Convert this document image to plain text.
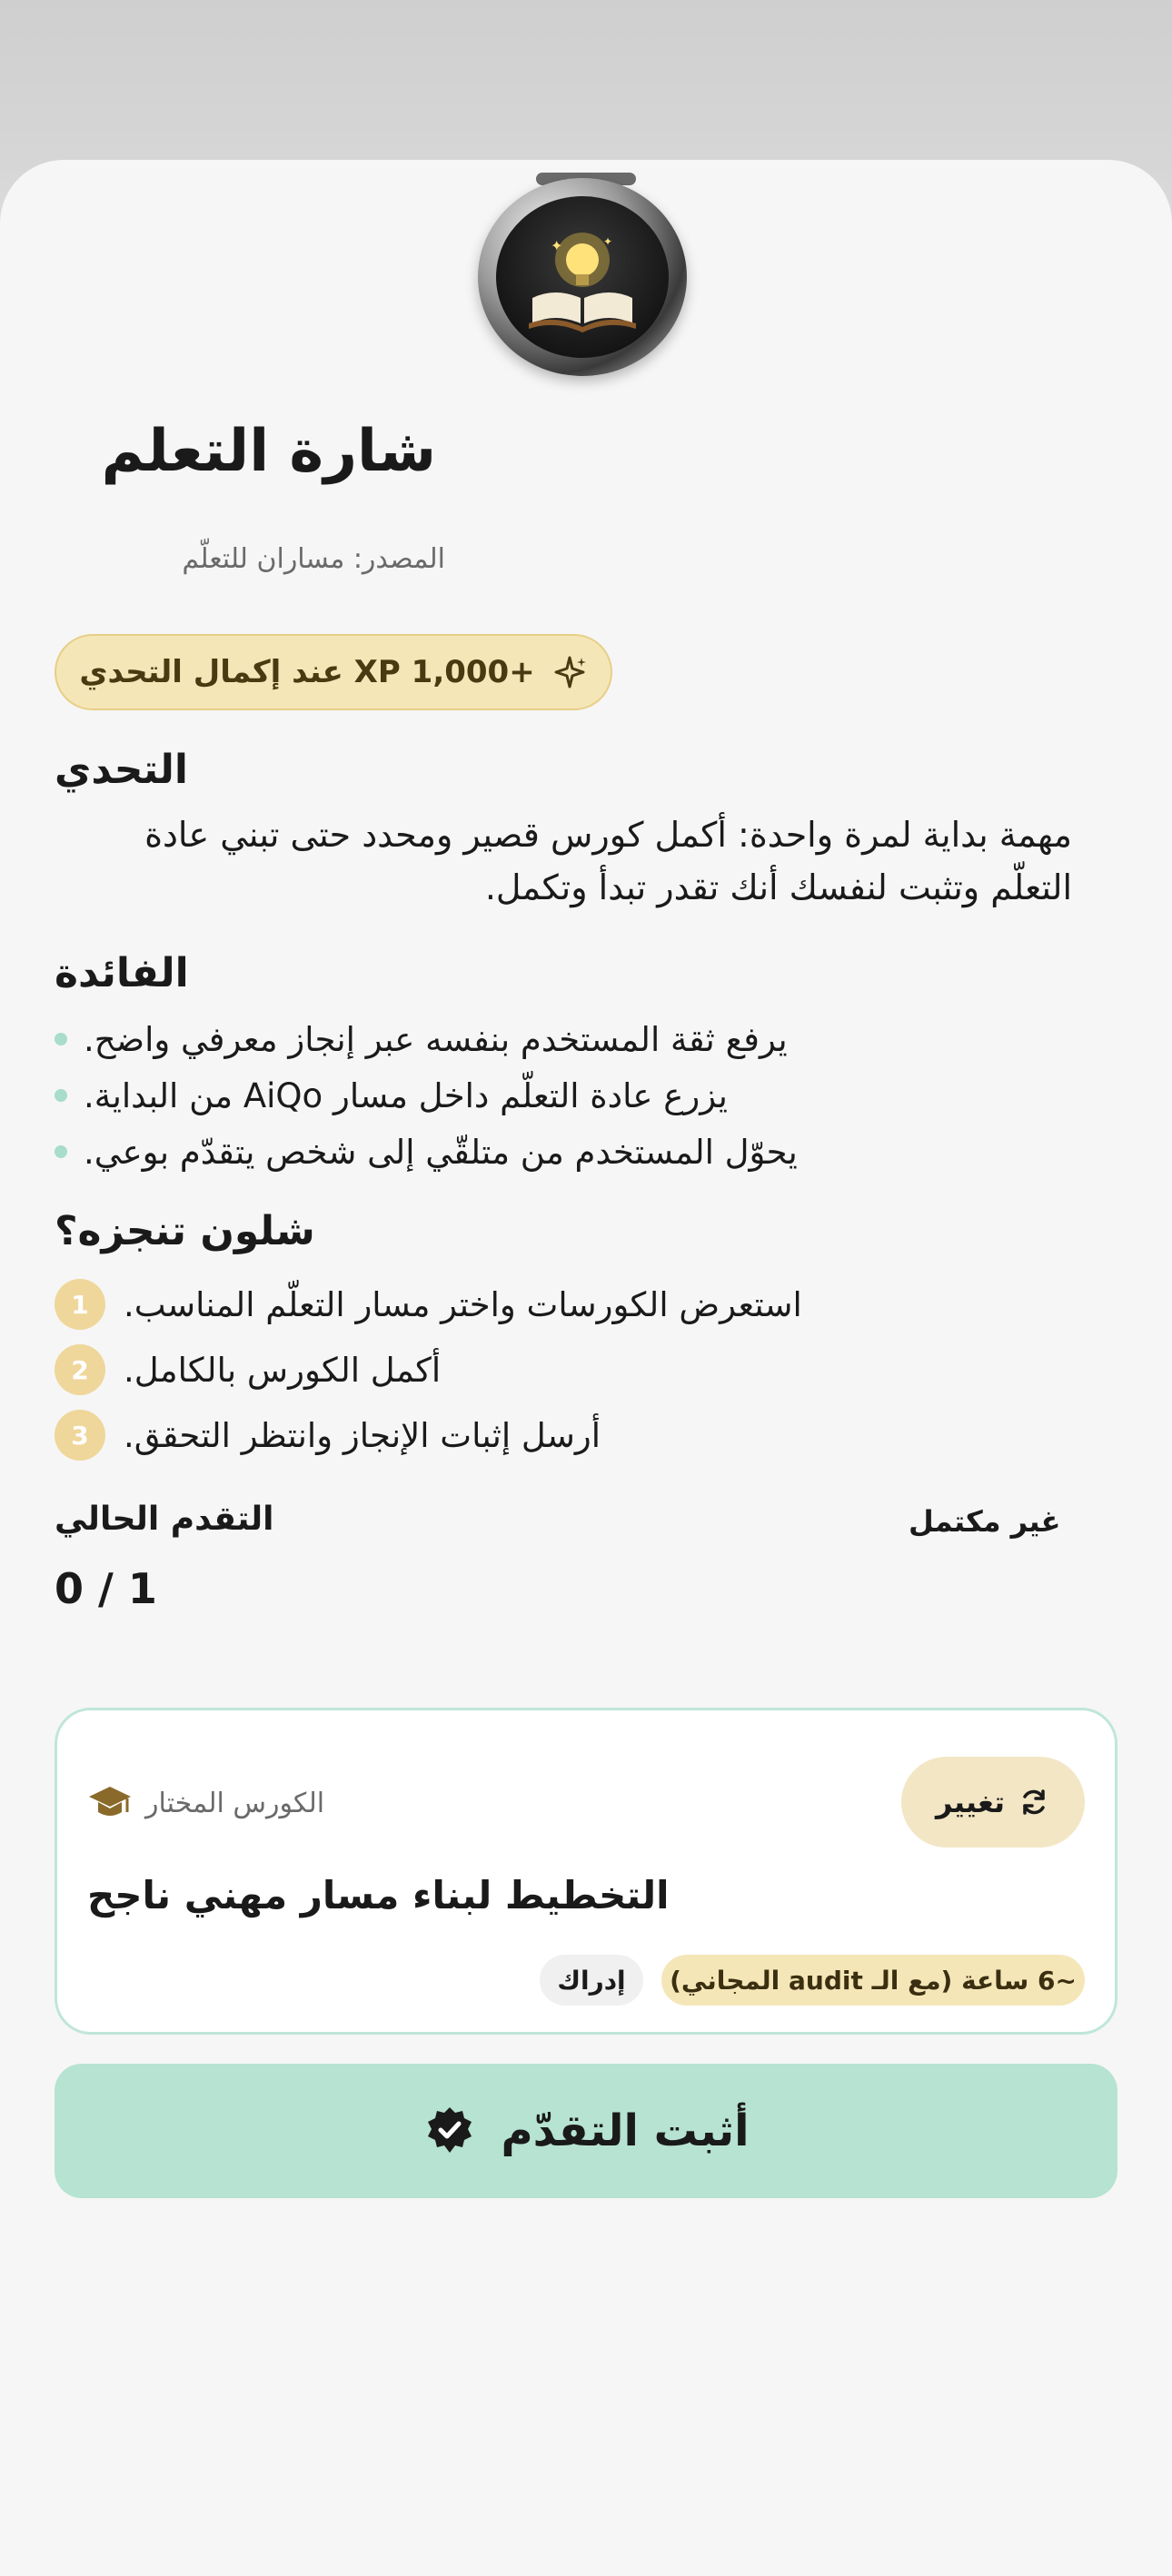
✦	✦
شارة التعلم
المصدر: مساران للتعلّم
+1,000 XP عند إكمال التحدي
التحدي
مهمة بداية لمرة واحدة: أكمل كورس قصير ومحدد حتى تبني عادة التعلّم وتثبت لنفسك أنك تقدر تبدأ وتكمل.
الفائدة
يرفع ثقة المستخدم بنفسه عبر إنجاز معرفي واضح.
يزرع عادة التعلّم داخل مسار AiQo من البداية.
يحوّل المستخدم من متلقّي إلى شخص يتقدّم بوعي.
شلون تنجزه؟
1	استعرض الكورسات واختر مسار التعلّم المناسب.
2	أكمل الكورس بالكامل.
3	أرسل إثبات الإنجاز وانتظر التحقق.
التقدم الحالي	غير مكتمل
0 / 1
تغيير
الكورس المختار
التخطيط لبناء مسار مهني ناجح
إدراك	~6 ساعة (مع الـ audit المجاني)
أثبت التقدّم
